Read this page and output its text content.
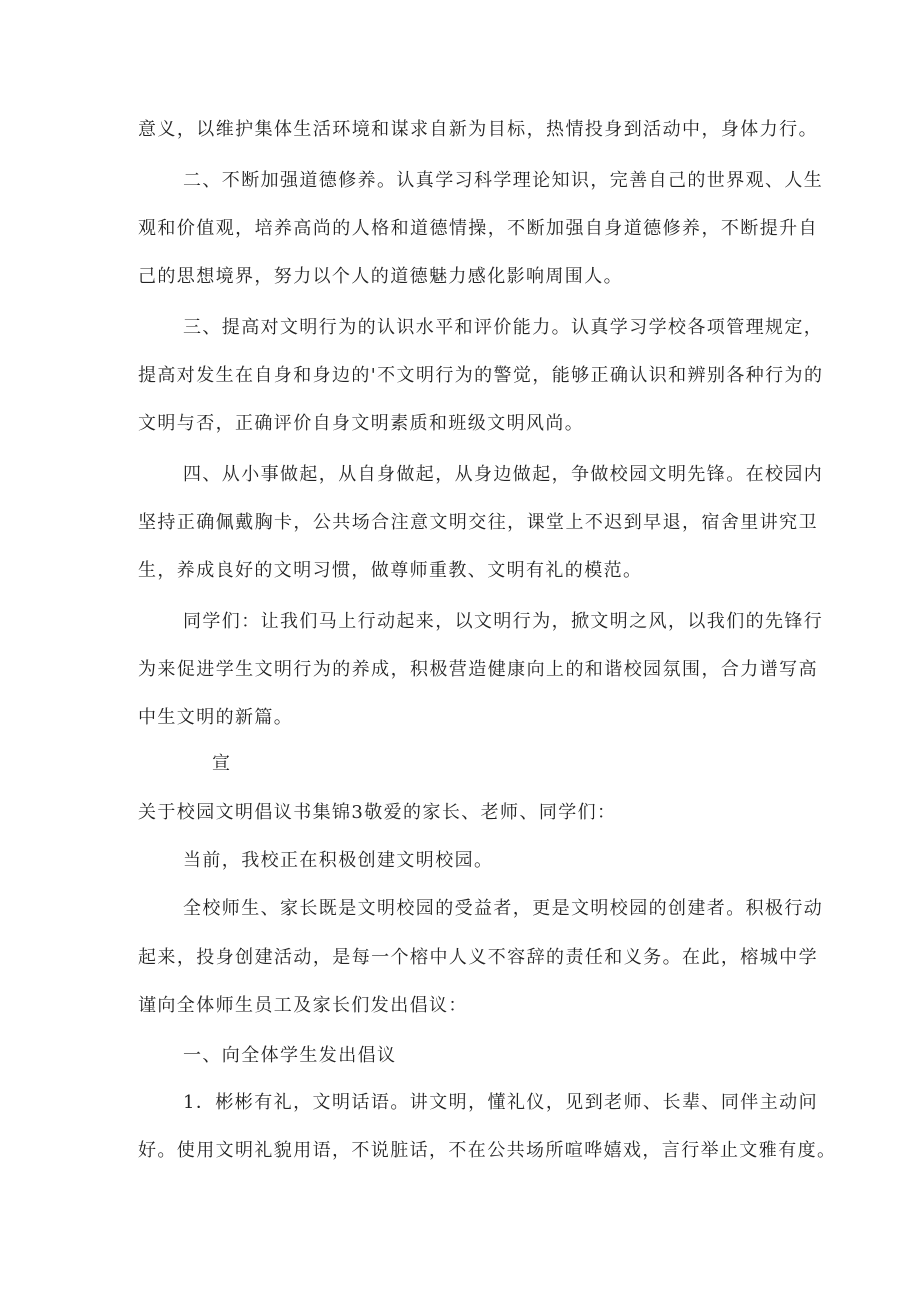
意义，以维护集体生活环境和谋求自新为目标，热情投身到活动中，身体力行。

二、不断加强道德修养。认真学习科学理论知识，完善自己的世界观、人生

观和价值观，培养高尚的人格和道德情操，不断加强自身道德修养，不断提升自

己的思想境界，努力以个人的道德魅力感化影响周围人。

三、提高对文明行为的认识水平和评价能力。认真学习学校各项管理规定，

提高对发生在自身和身边的'不文明行为的警觉，能够正确认识和辨别各种行为的

文明与否，正确评价自身文明素质和班级文明风尚。

四、从小事做起，从自身做起，从身边做起，争做校园文明先锋。在校园内

坚持正确佩戴胸卡，公共场合注意文明交往，课堂上不迟到早退，宿舍里讲究卫

生，养成良好的文明习惯，做尊师重教、文明有礼的模范。

同学们：让我们马上行动起来，以文明行为，掀文明之风，以我们的先锋行

为来促进学生文明行为的养成，积极营造健康向上的和谐校园氛围，合力谱写高

中生文明的新篇。

宣

关于校园文明倡议书集锦3敬爱的家长、老师、同学们：

当前，我校正在积极创建文明校园。

全校师生、家长既是文明校园的受益者，更是文明校园的创建者。积极行动

起来，投身创建活动，是每一个榕中人义不容辞的责任和义务。在此，榕城中学

谨向全体师生员工及家长们发出倡议：

一、向全体学生发出倡议

1．彬彬有礼，文明话语。讲文明，懂礼仪，见到老师、长辈、同伴主动问

好。使用文明礼貌用语，不说脏话，不在公共场所喧哗嬉戏，言行举止文雅有度。
